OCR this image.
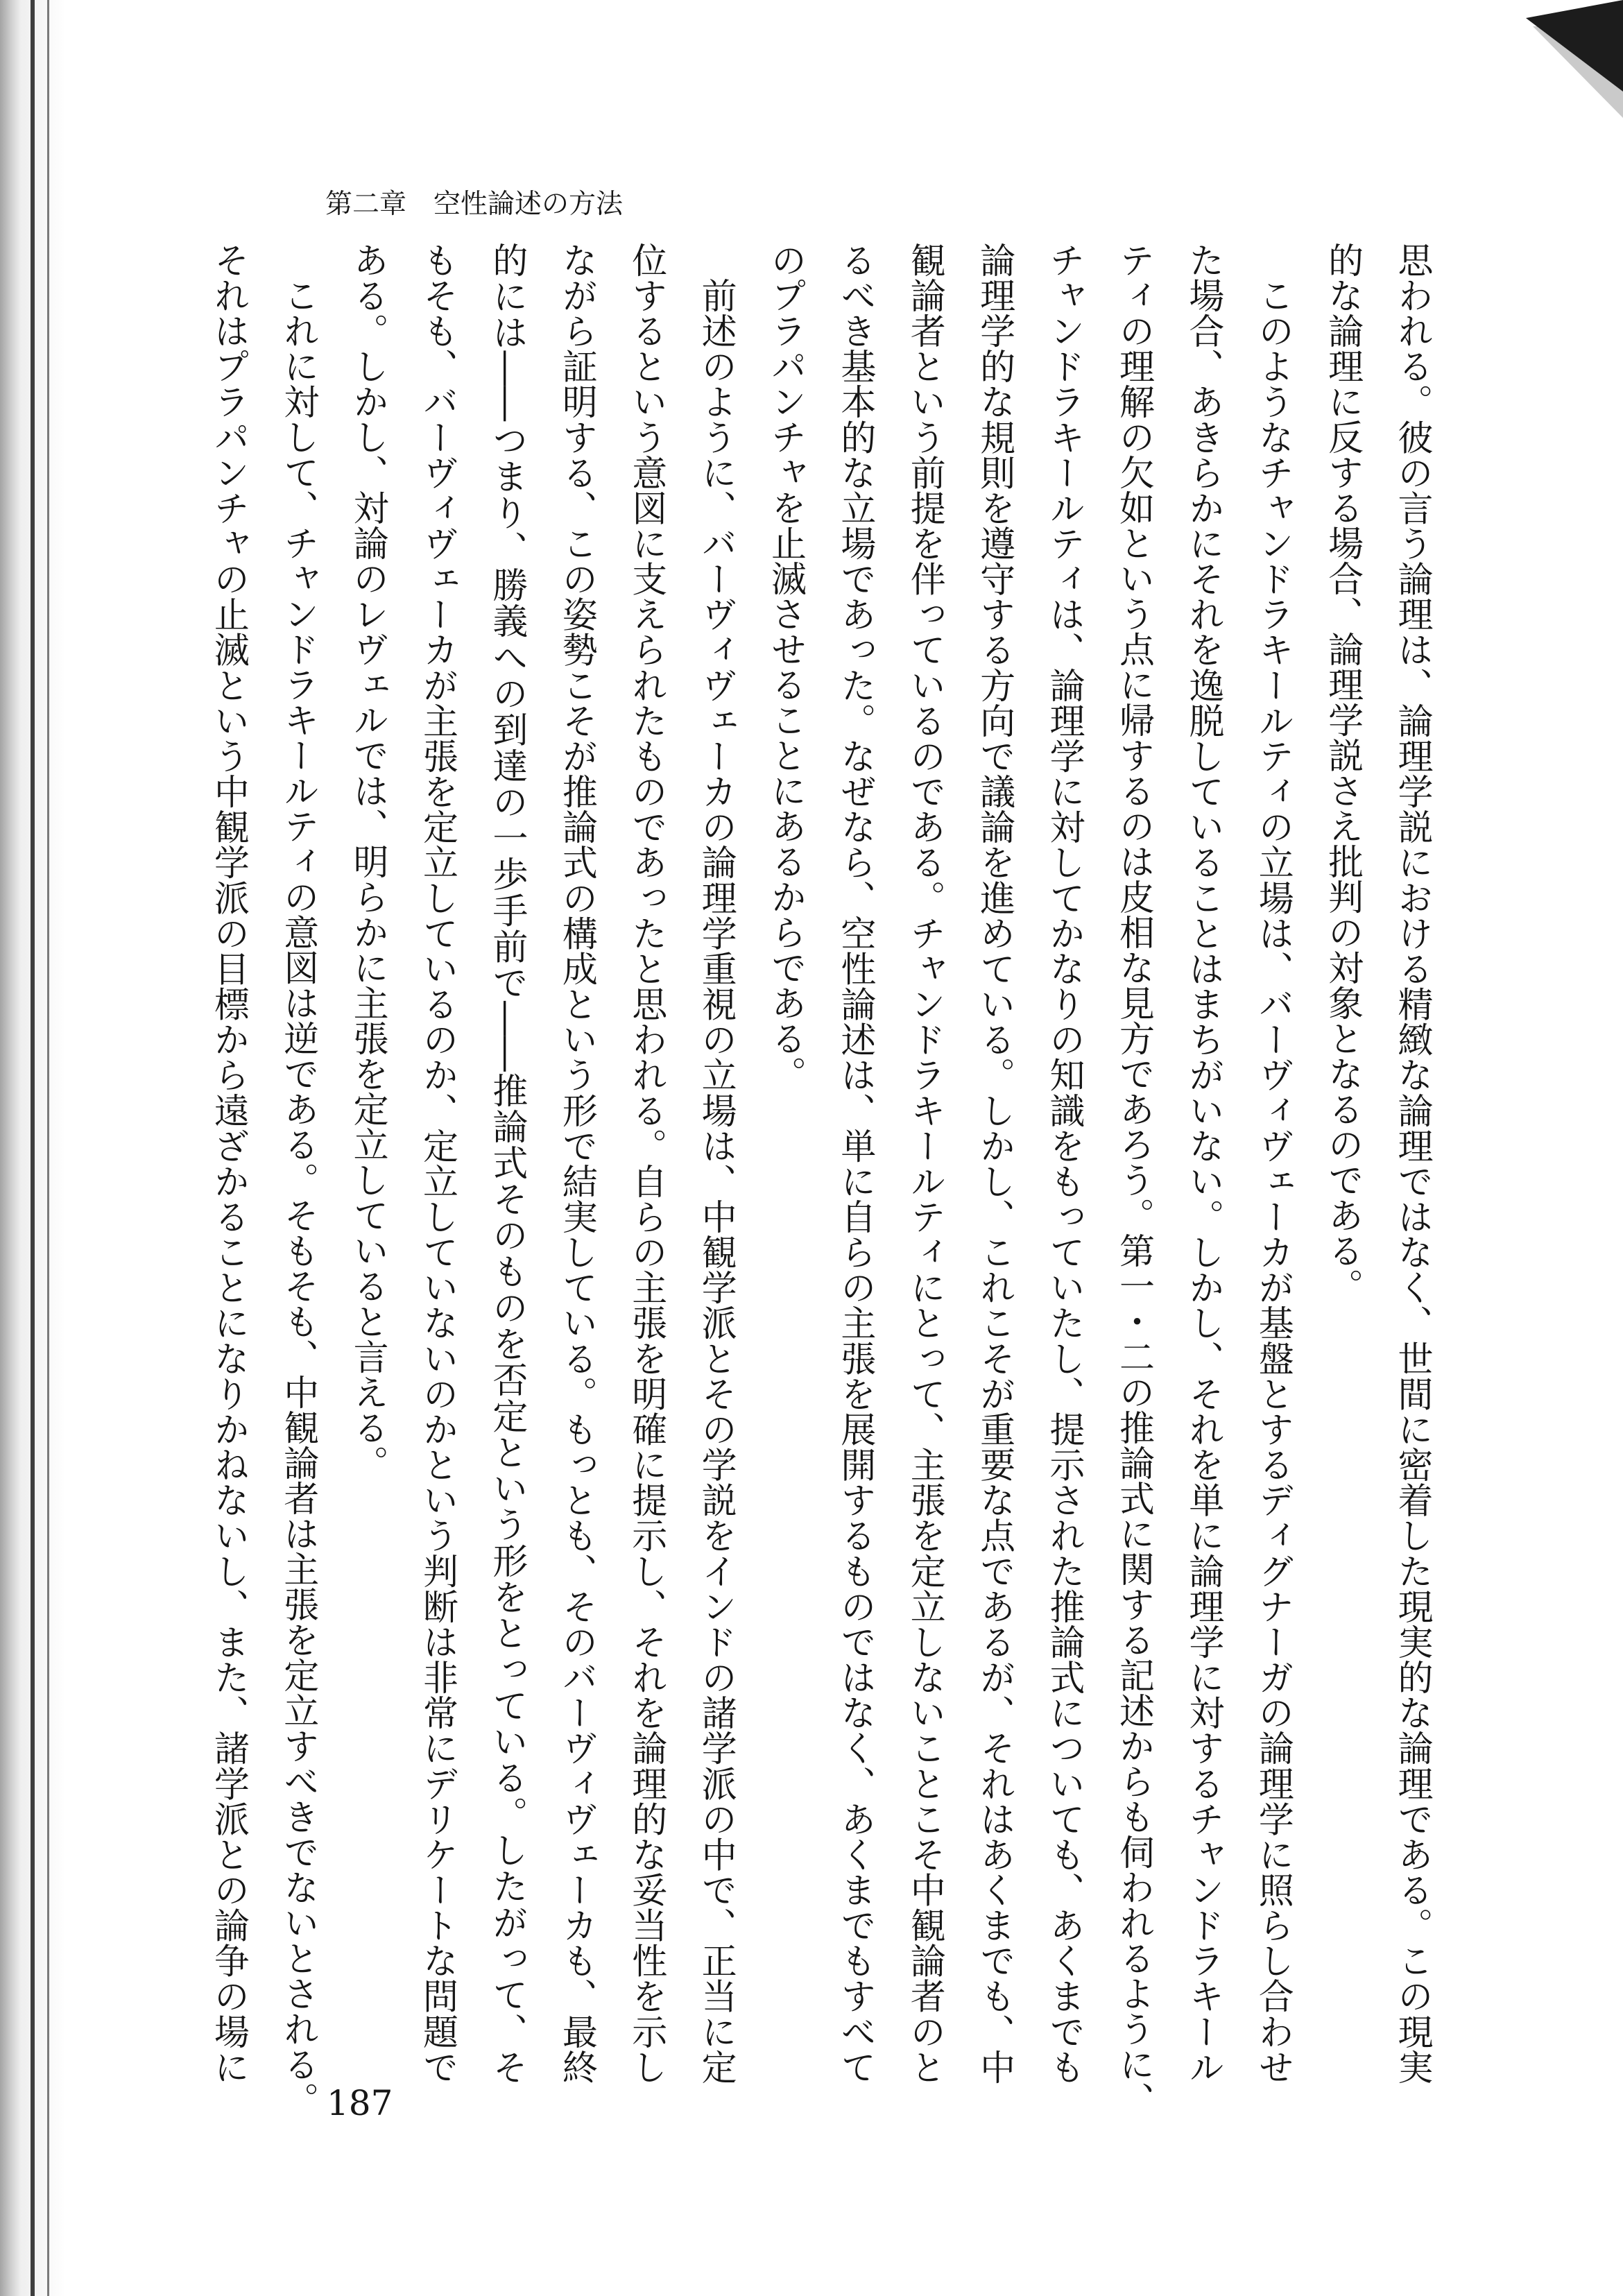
第二章　空性論述の方法
思われる。彼の言う論理は、論理学説における精緻な論理ではなく、世間に密着した現実的な論理である。この現実
的な論理に反する場合、論理学説さえ批判の対象となるのである。
　このようなチャンドラキールティの立場は、バーヴィヴェーカが基盤とするディグナーガの論理学に照らし合わせ
た場合、あきらかにそれを逸脱していることはまちがいない。しかし、それを単に論理学に対するチャンドラキール
ティの理解の欠如という点に帰するのは皮相な見方であろう。第一・二の推論式に関する記述からも伺われるように、
チャンドラキールティは、論理学に対してかなりの知識をもっていたし、提示された推論式についても、あくまでも
論理学的な規則を遵守する方向で議論を進めている。しかし、これこそが重要な点であるが、それはあくまでも、中
観論者という前提を伴っているのである。チャンドラキールティにとって、主張を定立しないことこそ中観論者のと
るべき基本的な立場であった。なぜなら、空性論述は、単に自らの主張を展開するものではなく、あくまでもすべて
のプラパンチャを止滅させることにあるからである。
　前述のように、バーヴィヴェーカの論理学重視の立場は、中観学派とその学説をインドの諸学派の中で、正当に定
位するという意図に支えられたものであったと思われる。自らの主張を明確に提示し、それを論理的な妥当性を示し
ながら証明する、この姿勢こそが推論式の構成という形で結実している。もっとも、そのバーヴィヴェーカも、最終
的には――つまり、勝義への到達の一歩手前で――推論式そのものを否定という形をとっている。したがって、そ
もそも、バーヴィヴェーカが主張を定立しているのか、定立していないのかという判断は非常にデリケートな問題で
ある。しかし、対論のレヴェルでは、明らかに主張を定立していると言える。
　これに対して、チャンドラキールティの意図は逆である。そもそも、中観論者は主張を定立すべきでないとされる。
それはプラパンチャの止滅という中観学派の目標から遠ざかることになりかねないし、また、諸学派との論争の場に
187
